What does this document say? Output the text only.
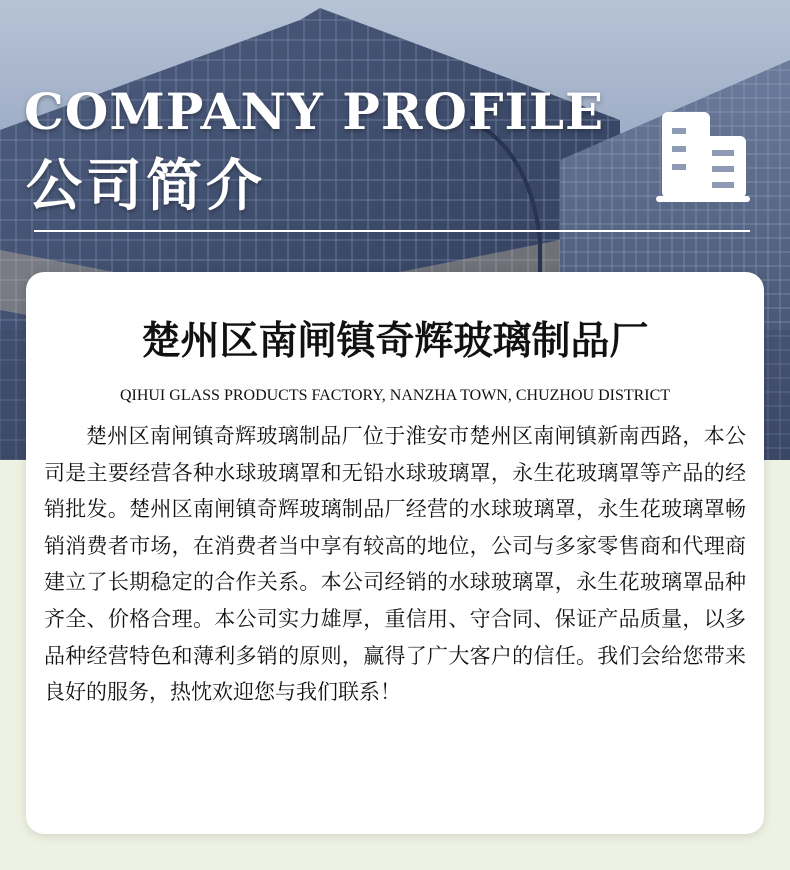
COMPANY PROFILE
公司简介
楚州区南闸镇奇辉玻璃制品厂
QIHUI GLASS PRODUCTS FACTORY, NANZHA TOWN, CHUZHOU DISTRICT

楚州区南闸镇奇辉玻璃制品厂位于淮安市楚州区南闸镇新南西路，本公司是主要经营各种水球玻璃罩和无铅水球玻璃罩，永生花玻璃罩等产品的经销批发。楚州区南闸镇奇辉玻璃制品厂经营的水球玻璃罩，永生花玻璃罩畅销消费者市场，在消费者当中享有较高的地位，公司与多家零售商和代理商建立了长期稳定的合作关系。本公司经销的水球玻璃罩，永生花玻璃罩品种齐全、价格合理。本公司实力雄厚，重信用、守合同、保证产品质量，以多品种经营特色和薄利多销的原则，赢得了广大客户的信任。我们会给您带来良好的服务，热忱欢迎您与我们联系！
